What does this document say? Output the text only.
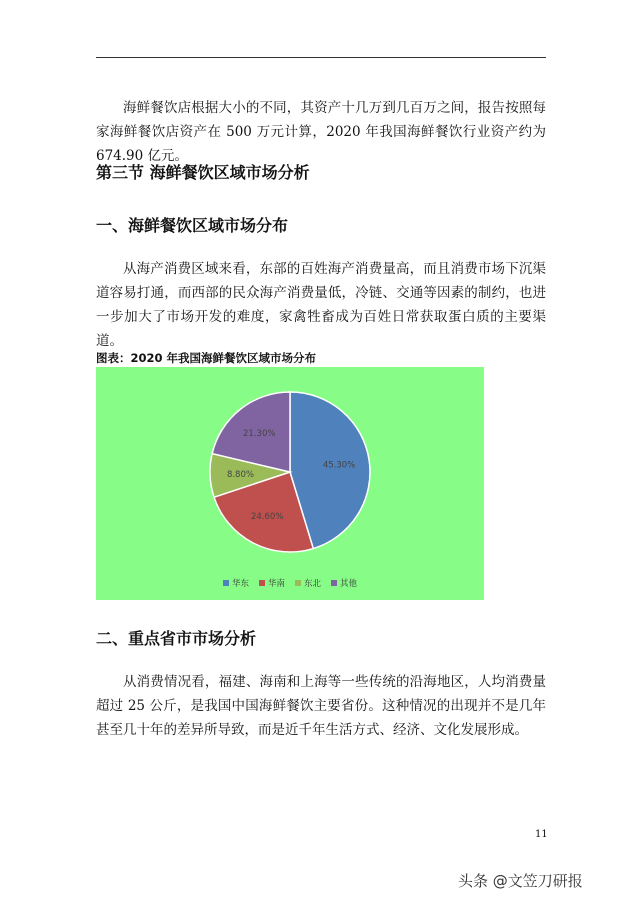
海鲜餐饮店根据大小的不同，其资产十几万到几百万之间，报告按照每家海鲜餐饮店资产在 500 万元计算，2020 年我国海鲜餐饮行业资产约为 674.90 亿元。

第三节 海鲜餐饮区域市场分析
一、海鲜餐饮区域市场分布

从海产消费区域来看，东部的百姓海产消费量高，而且消费市场下沉渠道容易打通，而西部的民众海产消费量低，冷链、交通等因素的制约，也进一步加大了市场开发的难度，家禽牲畜成为百姓日常获取蛋白质的主要渠道。

图表：2020 年我国海鲜餐饮区域市场分布

45.30%
24.60%
8.80%
21.30%
华东 华南 东北 其他
二、重点省市市场分析

从消费情况看，福建、海南和上海等一些传统的沿海地区，人均消费量超过 25 公斤，是我国中国海鲜餐饮主要省份。这种情况的出现并不是几年甚至几十年的差异所导致，而是近千年生活方式、经济、文化发展形成。

11

头条 @文笠刀研报
